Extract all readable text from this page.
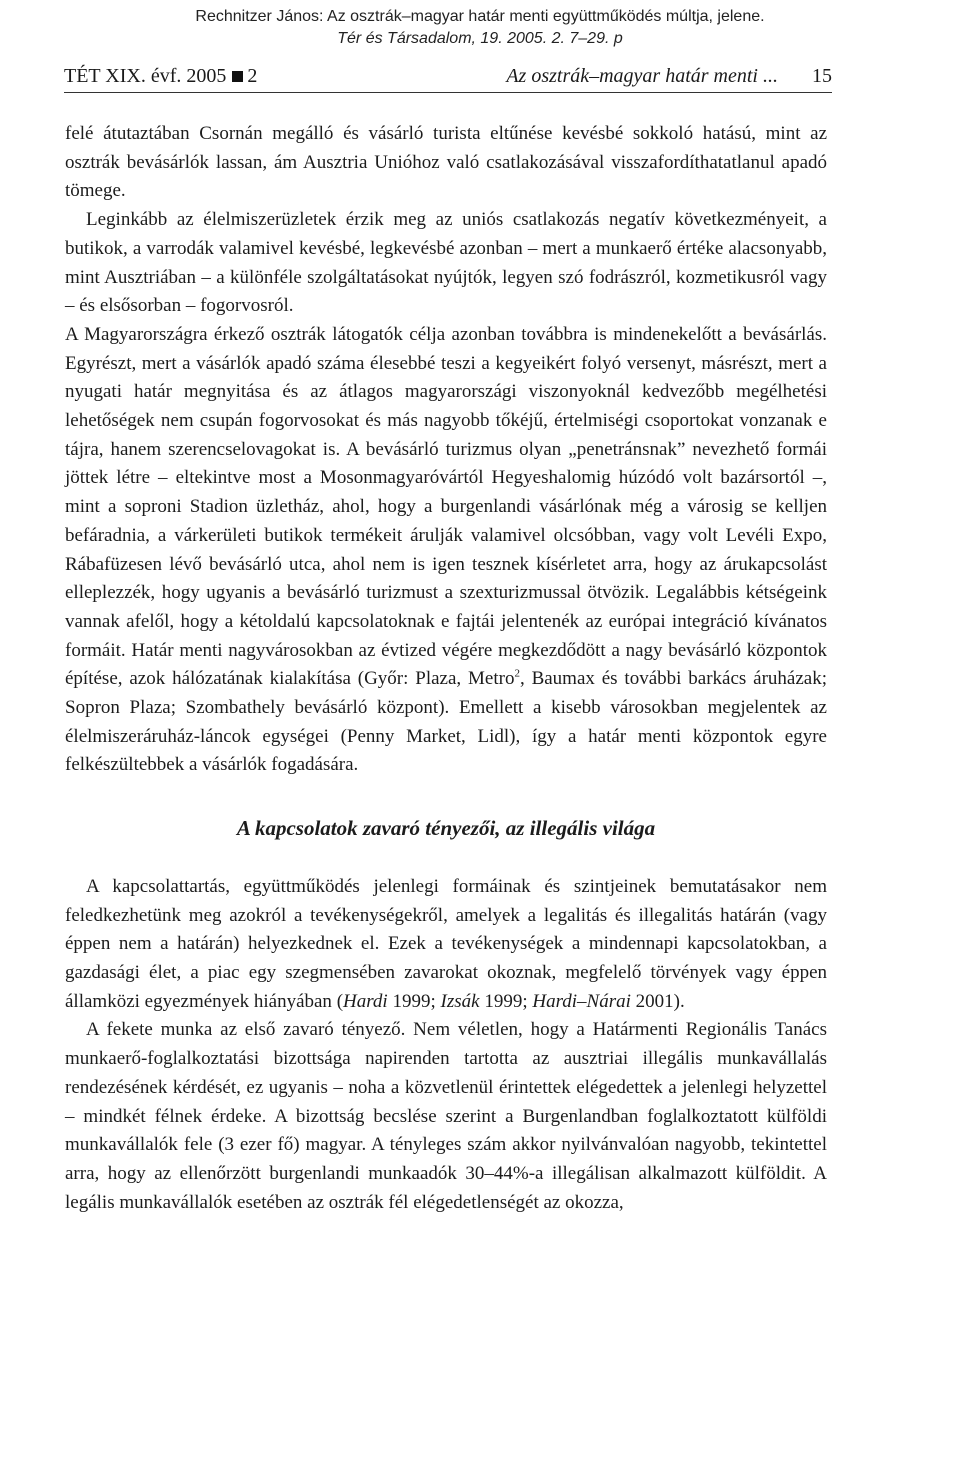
Rechnitzer János: Az osztrák–magyar határ menti együttműködés múltja, jelene.
Tér és Társadalom, 19. 2005. 2. 7–29. p
TÉT XIX. évf. 2005 2	Az osztrák–magyar határ menti ... 15

felé átutaztában Csornán megálló és vásárló turista eltűnése kevésbé sokkoló hatású, mint az osztrák bevásárlók lassan, ám Ausztria Unióhoz való csatlakozásával visszafordíthatatlanul apadó tömege.

Leginkább az élelmiszerüzletek érzik meg az uniós csatlakozás negatív következményeit, a butikok, a varrodák valamivel kevésbé, legkevésbé azonban – mert a munkaerő értéke alacsonyabb, mint Ausztriában – a különféle szolgáltatásokat nyújtók, legyen szó fodrászról, kozmetikusról vagy – és elsősorban – fogorvosról.

A Magyarországra érkező osztrák látogatók célja azonban továbbra is mindenekelőtt a bevásárlás. Egyrészt, mert a vásárlók apadó száma élesebbé teszi a kegyeikért folyó versenyt, másrészt, mert a nyugati határ megnyitása és az átlagos magyarországi viszonyoknál kedvezőbb megélhetési lehetőségek nem csupán fogorvosokat és más nagyobb tőkéjű, értelmiségi csoportokat vonzanak e tájra, hanem szerencselovagokat is. A bevásárló turizmus olyan „penetránsnak” nevezhető formái jöttek létre – eltekintve most a Mosonmagyaróvártól Hegyeshalomig húzódó volt bazársortól –, mint a soproni Stadion üzletház, ahol, hogy a burgenlandi vásárlónak még a városig se kelljen befáradnia, a várkerületi butikok termékeit árulják valamivel olcsóbban, vagy volt Levéli Expo, Rábafüzesen lévő bevásárló utca, ahol nem is igen tesznek kísérletet arra, hogy az árukapcsolást elleplezzék, hogy ugyanis a bevásárló turizmust a szexturizmussal ötvözik. Legalábbis kétségeink vannak afelől, hogy a kétoldalú kapcsolatoknak e fajtái jelentenék az európai integráció kívánatos formáit. Határ menti nagyvárosokban az évtized végére megkezdődött a nagy bevásárló központok építése, azok hálózatának kialakítása (Győr: Plaza, Metro$^2$, Baumax és további barkács áruházak; Sopron Plaza; Szombathely bevásárló központ). Emellett a kisebb városokban megjelentek az élelmiszeráruház-láncok egységei (Penny Market, Lidl), így a határ menti központok egyre felkészültebbek a vásárlók fogadására.

A kapcsolatok zavaró tényezői, az illegális világa

A kapcsolattartás, együttműködés jelenlegi formáinak és szintjeinek bemutatásakor nem feledkezhetünk meg azokról a tevékenységekről, amelyek a legalitás és illegalitás határán (vagy éppen nem a határán) helyezkednek el. Ezek a tevékenységek a mindennapi kapcsolatokban, a gazdasági élet, a piac egy szegmensében zavarokat okoznak, megfelelő törvények vagy éppen államközi egyezmények hiányában (Hardi 1999; Izsák 1999; Hardi–Nárai 2001).

A fekete munka az első zavaró tényező. Nem véletlen, hogy a Határmenti Regionális Tanács munkaerő-foglalkoztatási bizottsága napirenden tartotta az ausztriai illegális munkavállalás rendezésének kérdését, ez ugyanis – noha a közvetlenül érintettek elégedettek a jelenlegi helyzettel – mindkét félnek érdeke. A bizottság becslése szerint a Burgenlandban foglalkoztatott külföldi munkavállalók fele (3 ezer fő) magyar. A tényleges szám akkor nyilvánvalóan nagyobb, tekintettel arra, hogy az ellenőrzött burgenlandi munkaadók 30–44%-a illegálisan alkalmazott külföldit. A legális munkavállalók esetében az osztrák fél elégedetlenségét az okozza,
